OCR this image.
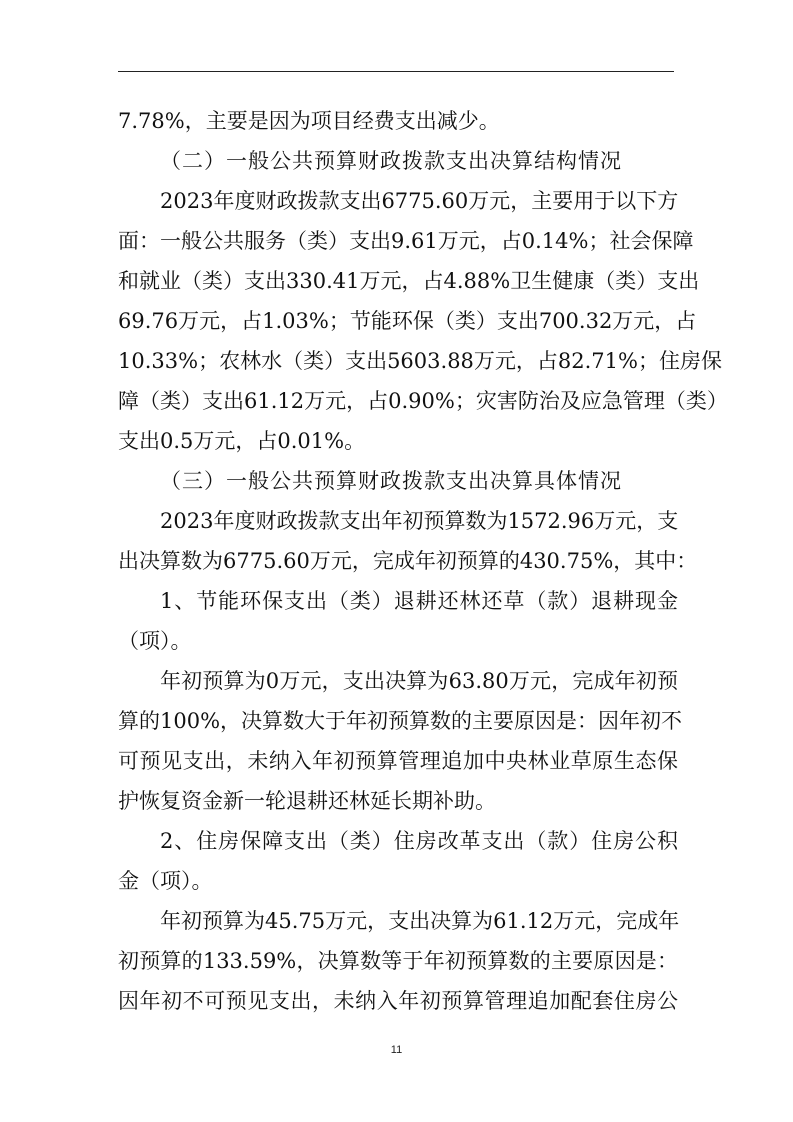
7.78%，主要是因为项目经费支出减少。
（二）一般公共预算财政拨款支出决算结构情况
2023年度财政拨款支出6775.60万元，主要用于以下方
面：一般公共服务（类）支出9.61万元，占0.14%；社会保障
和就业（类）支出330.41万元，占4.88%卫生健康（类）支出
69.76万元，占1.03%；节能环保（类）支出700.32万元，占
10.33%；农林水（类）支出5603.88万元，占82.71%；住房保
障（类）支出61.12万元，占0.90%；灾害防治及应急管理（类）
支出0.5万元，占0.01%。
（三）一般公共预算财政拨款支出决算具体情况
2023年度财政拨款支出年初预算数为1572.96万元，支
出决算数为6775.60万元，完成年初预算的430.75%，其中：
1、节能环保支出（类）退耕还林还草（款）退耕现金
（项）。
年初预算为0万元，支出决算为63.80万元，完成年初预
算的100%，决算数大于年初预算数的主要原因是：因年初不
可预见支出，未纳入年初预算管理追加中央林业草原生态保
护恢复资金新一轮退耕还林延长期补助。
2、住房保障支出（类）住房改革支出（款）住房公积
金（项）。
年初预算为45.75万元，支出决算为61.12万元，完成年
初预算的133.59%，决算数等于年初预算数的主要原因是：
因年初不可预见支出，未纳入年初预算管理追加配套住房公
11
